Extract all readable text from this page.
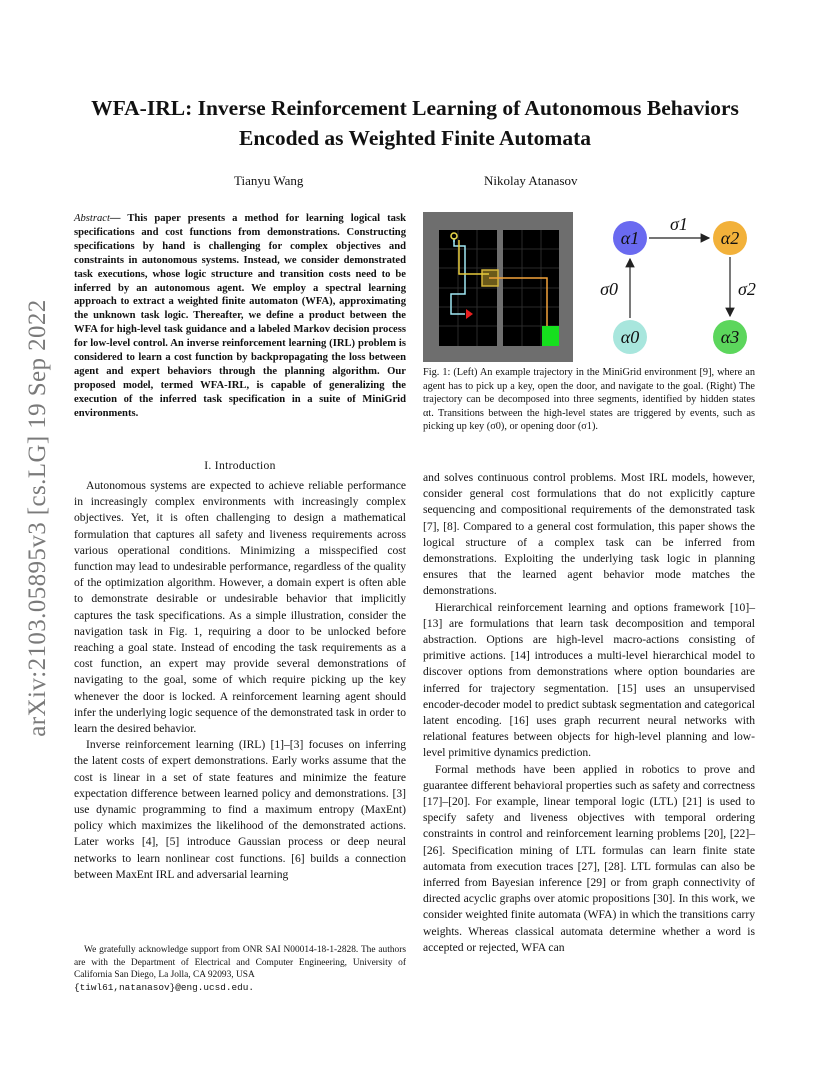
arXiv:2103.05895v3 [cs.LG] 19 Sep 2022
WFA-IRL: Inverse Reinforcement Learning of Autonomous Behaviors
Encoded as Weighted Finite Automata
Tianyu Wang	Nikolay Atanasov
Abstract— This paper presents a method for learning logical task specifications and cost functions from demonstrations. Constructing specifications by hand is challenging for complex objectives and constraints in autonomous systems. Instead, we consider demonstrated task executions, whose logic structure and transition costs need to be inferred by an autonomous agent. We employ a spectral learning approach to extract a weighted finite automaton (WFA), approximating the unknown task logic. Thereafter, we define a product between the WFA for high-level task guidance and a labeled Markov decision process for low-level control. An inverse reinforcement learning (IRL) problem is considered to learn a cost function by backpropagating the loss between agent and expert behaviors through the planning algorithm. Our proposed model, termed WFA-IRL, is capable of generalizing the execution of the inferred task specification in a suite of MiniGrid environments.
I. Introduction

Autonomous systems are expected to achieve reliable performance in increasingly complex environments with increasingly complex objectives. Yet, it is often challenging to design a mathematical formulation that captures all safety and liveness requirements across various operational conditions. Minimizing a misspecified cost function may lead to undesirable performance, regardless of the quality of the optimization algorithm. However, a domain expert is often able to demonstrate desirable or undesirable behavior that implicitly captures the task specifications. As a simple illustration, consider the navigation task in Fig. 1, requiring a door to be unlocked before reaching a goal state. Instead of encoding the task requirements as a cost function, an expert may provide several demonstrations of navigating to the goal, some of which require picking up the key whenever the door is locked. A reinforcement learning agent should infer the underlying logic sequence of the demonstrated task in order to learn the desired behavior.

Inverse reinforcement learning (IRL) [1]–[3] focuses on inferring the latent costs of expert demonstrations. Early works assume that the cost is linear in a set of state features and minimize the feature expectation difference between learned policy and demonstrations. [3] use dynamic programming to find a maximum entropy (MaxEnt) policy which maximizes the likelihood of the demonstrated actions. Later works [4], [5] introduce Gaussian process or deep neural networks to learn nonlinear cost functions. [6] builds a connection between MaxEnt IRL and adversarial learning

We gratefully acknowledge support from ONR SAI N00014-18-1-2828. The authors are with the Department of Electrical and Computer Engineering, University of California San Diego, La Jolla, CA 92093, USA
{tiwl61,natanasov}@eng.ucsd.edu.
α1	α2
α0	α3
σ1
σ0	σ2
Fig. 1: (Left) An example trajectory in the MiniGrid environment [9], where an agent has to pick up a key, open the door, and navigate to the goal. (Right) The trajectory can be decomposed into three segments, identified by hidden states αt. Transitions between the high-level states are triggered by events, such as picking up key (σ0), or opening door (σ1).

and solves continuous control problems. Most IRL models, however, consider general cost formulations that do not explicitly capture sequencing and compositional requirements of the demonstrated task [7], [8]. Compared to a general cost formulation, this paper shows the logical structure of a complex task can be inferred from demonstrations. Exploiting the underlying task logic in planning ensures that the learned agent behavior mode matches the demonstrations.

Hierarchical reinforcement learning and options framework [10]–[13] are formulations that learn task decomposition and temporal abstraction. Options are high-level macro-actions consisting of primitive actions. [14] introduces a multi-level hierarchical model to discover options from demonstrations where option boundaries are inferred for trajectory segmentation. [15] uses an unsupervised encoder-decoder model to predict subtask segmentation and categorical latent encoding. [16] uses graph recurrent neural networks with relational features between objects for high-level planning and low-level primitive dynamics prediction.

Formal methods have been applied in robotics to prove and guarantee different behavioral properties such as safety and correctness [17]–[20]. For example, linear temporal logic (LTL) [21] is used to specify safety and liveness objectives with temporal ordering constraints in control and reinforcement learning problems [20], [22]–[26]. Specification mining of LTL formulas can learn finite state automata from execution traces [27], [28]. LTL formulas can also be inferred from Bayesian inference [29] or from graph connectivity of directed acyclic graphs over atomic propositions [30]. In this work, we consider weighted finite automata (WFA) in which the transitions carry weights. Whereas classical automata determine whether a word is accepted or rejected, WFA can
